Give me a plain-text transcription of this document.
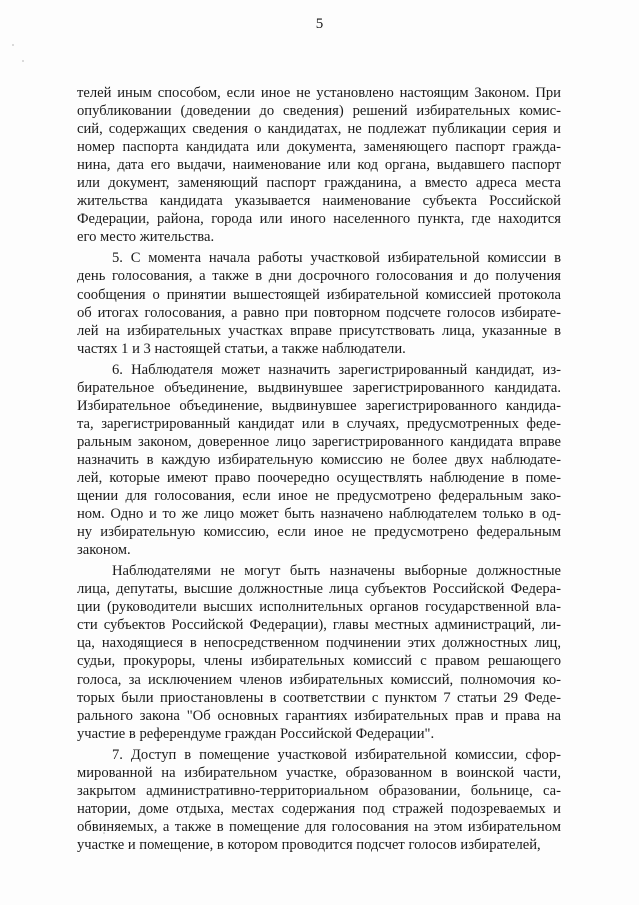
5
телей иным способом, если иное не установлено настоящим Законом. При
опубликовании (доведении до сведения) решений избирательных комис-
сий, содержащих сведения о кандидатах, не подлежат публикации серия и
номер паспорта кандидата или документа, заменяющего паспорт гражда-
нина, дата его выдачи, наименование или код органа, выдавшего паспорт
или документ, заменяющий паспорт гражданина, а вместо адреса места
жительства кандидата указывается наименование субъекта Российской
Федерации, района, города или иного населенного пункта, где находится
его место жительства.
5. С момента начала работы участковой избирательной комиссии в
день голосования, а также в дни досрочного голосования и до получения
сообщения о принятии вышестоящей избирательной комиссией протокола
об итогах голосования, а равно при повторном подсчете голосов избирате-
лей на избирательных участках вправе присутствовать лица, указанные в
частях 1 и 3 настоящей статьи, а также наблюдатели.
6. Наблюдателя может назначить зарегистрированный кандидат, из-
бирательное объединение, выдвинувшее зарегистрированного кандидата.
Избирательное объединение, выдвинувшее зарегистрированного кандида-
та, зарегистрированный кандидат или в случаях, предусмотренных феде-
ральным законом, доверенное лицо зарегистрированного кандидата вправе
назначить в каждую избирательную комиссию не более двух наблюдате-
лей, которые имеют право поочередно осуществлять наблюдение в поме-
щении для голосования, если иное не предусмотрено федеральным зако-
ном. Одно и то же лицо может быть назначено наблюдателем только в од-
ну избирательную комиссию, если иное не предусмотрено федеральным
законом.
Наблюдателями не могут быть назначены выборные должностные
лица, депутаты, высшие должностные лица субъектов Российской Федера-
ции (руководители высших исполнительных органов государственной вла-
сти субъектов Российской Федерации), главы местных администраций, ли-
ца, находящиеся в непосредственном подчинении этих должностных лиц,
судьи, прокуроры, члены избирательных комиссий с правом решающего
голоса, за исключением членов избирательных комиссий, полномочия ко-
торых были приостановлены в соответствии с пунктом 7 статьи 29 Феде-
рального закона "Об основных гарантиях избирательных прав и права на
участие в референдуме граждан Российской Федерации".
7. Доступ в помещение участковой избирательной комиссии, сфор-
мированной на избирательном участке, образованном в воинской части,
закрытом административно-территориальном образовании, больнице, са-
натории, доме отдыха, местах содержания под стражей подозреваемых и
обвиняемых, а также в помещение для голосования на этом избирательном
участке и помещение, в котором проводится подсчет голосов избирателей,
